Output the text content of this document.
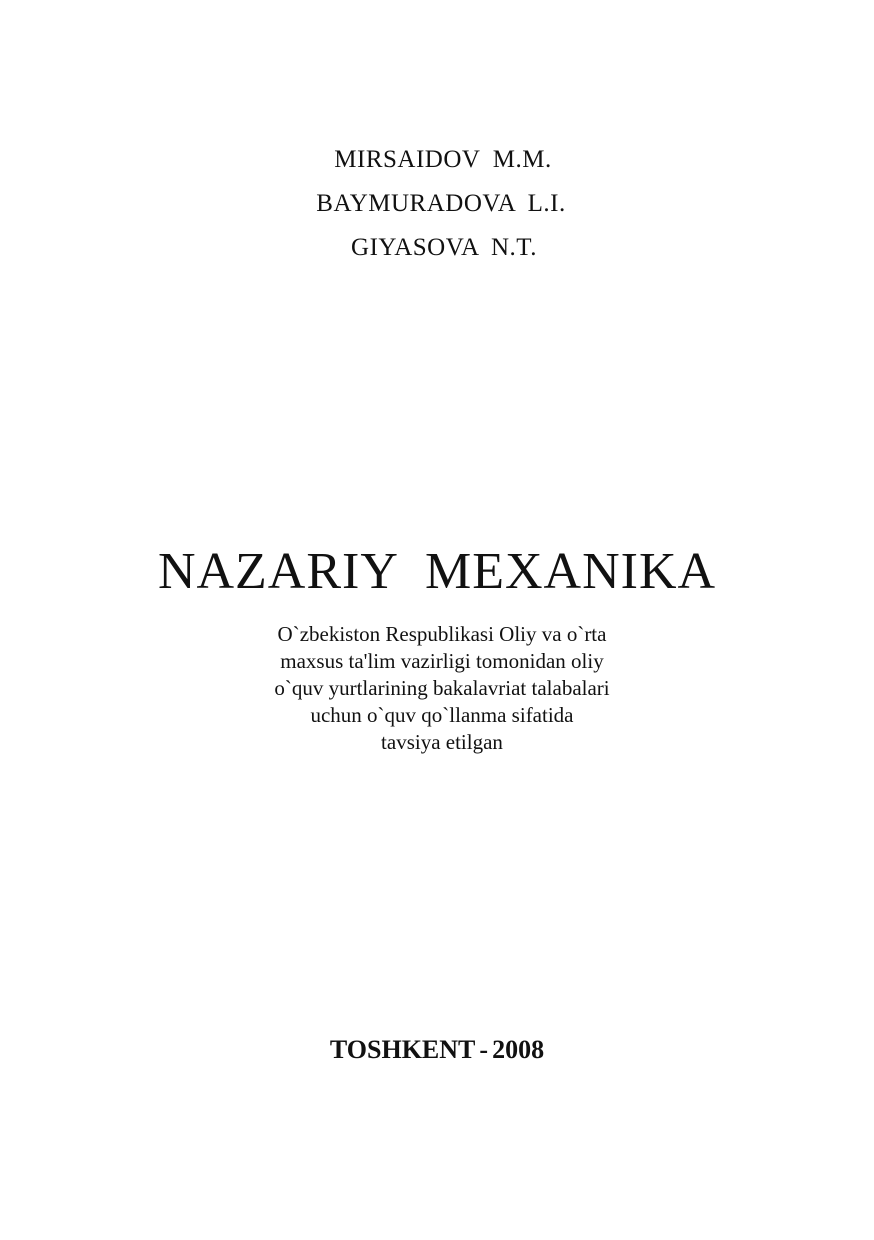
MIRSAIDOV M.M.
BAYMURADOVA L.I.
GIYASOVA N.T.
NAZARIY MEXANIKA
O`zbekiston Respublikasi Oliy va o`rta
maxsus ta'lim vazirligi tomonidan oliy
o`quv yurtlarining bakalavriat talabalari
uchun o`quv qo`llanma sifatida
tavsiya etilgan
TOSHKENT - 2008
